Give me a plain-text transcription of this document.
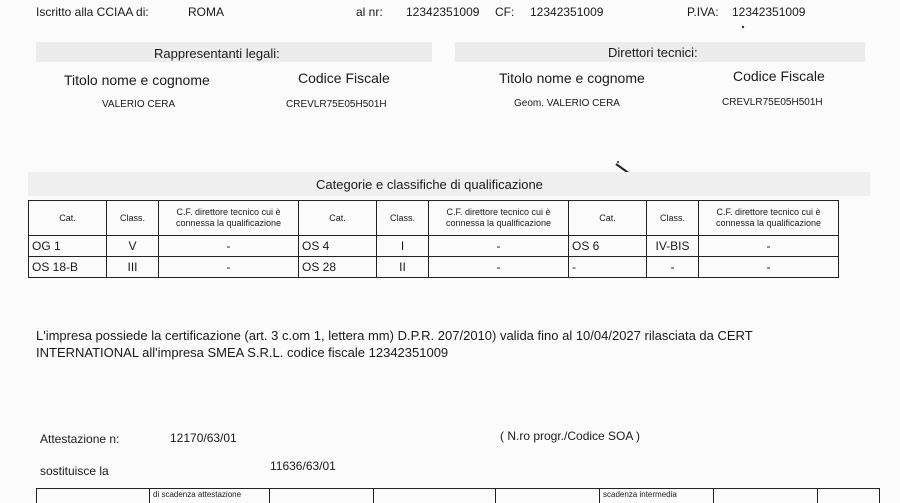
Iscritto alla CCIAA di:	ROMA	al nr: 12342351009 CF: 12342351009	P.IVA: 12342351009
Rappresentanti legali:
Titolo nome e cognome	Codice Fiscale
VALERIO CERA	CREVLR75E05H501H
Direttori tecnici:
Titolo nome e cognome	Codice Fiscale
Geom. VALERIO CERA	CREVLR75E05H501H
Categorie e classifiche di qualificazione
Cat.	Class.	C.F. direttore tecnico cui è connessa la qualificazione	Cat.	Class.	C.F. direttore tecnico cui è connessa la qualificazione	Cat.	Class.	C.F. direttore tecnico cui è connessa la qualificazione
OG 1	V	-	OS 4	I	-	OS 6	IV-BIS	-
OS 18-B	III	-	OS 28	II	-	-	-	-
L'impresa possiede la certificazione (art. 3 c.om 1, lettera mm) D.P.R. 207/2010) valida fino al 10/04/2027 rilasciata da CERT
INTERNATIONAL all'impresa SMEA S.R.L. codice fiscale 12342351009
Attestazione n:	12170/63/01	( N.ro progr./Codice SOA )
sostituisce la	11636/63/01
di scadenza attestazione	scadenza intermedia
